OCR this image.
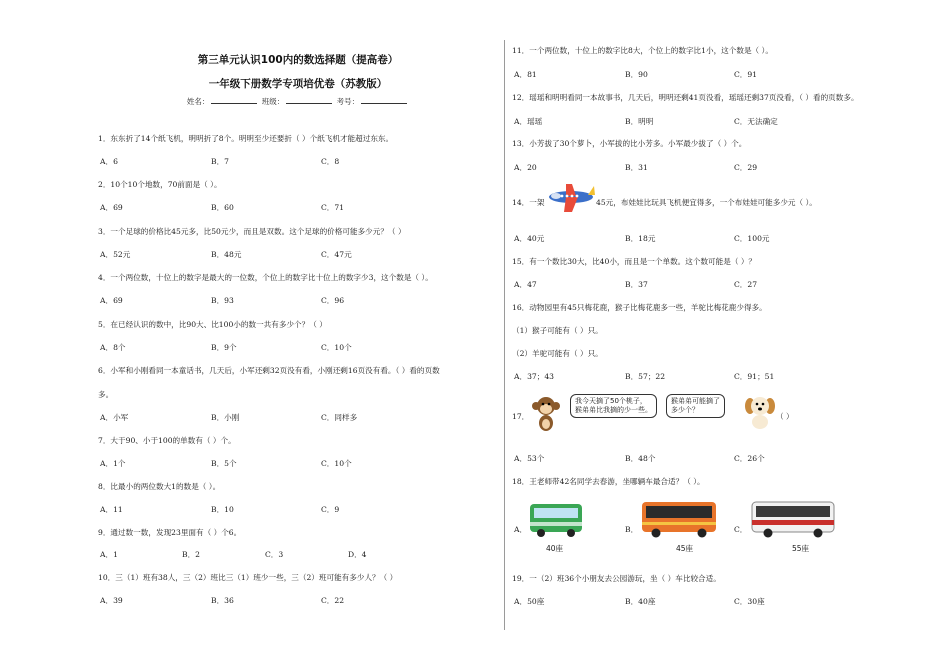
第三单元认识100内的数选择题（提高卷）
一年级下册数学专项培优卷（苏教版）
姓名：	班级：	考号：
1．东东折了14个纸飞机，明明折了8个。明明至少还要折（ ）个纸飞机才能超过东东。
A．6	B．7	C．8
2．10个10个地数，70前面是（ ）。
A．69	B．60	C．71
3．一个足球的价格比45元多，比50元少，而且是双数。这个足球的价格可能多少元？（ ）
A．52元	B．48元	C．47元
4．一个两位数，十位上的数字是最大的一位数，个位上的数字比十位上的数字少3，这个数是（ ）。
A．69	B．93	C．96
5．在已经认识的数中，比90大、比100小的数一共有多少个？（ ）
A．8个	B．9个	C．10个
6．小军和小刚看同一本童话书，几天后，小军还剩32页没有看，小刚还剩16页没有看。（ ）看的页数
多。
A．小军	B．小刚	C．同样多
7．大于90、小于100的单数有（ ）个。
A．1个	B．5个	C．10个
8．比最小的两位数大1的数是（ ）。
A．11	B．10	C．9
9．通过数一数，发现23里面有（ ）个6。
A．1	B．2	C．3	D．4
10．三（1）班有38人，三（2）班比三（1）班少一些，三（2）班可能有多少人？（ ）
A．39	B．36	C．22
11．一个两位数，十位上的数字比8大，个位上的数字比1小，这个数是（ ）。
A．81	B．90	C．91
12．瑶瑶和明明看同一本故事书，几天后，明明还剩41页没看，瑶瑶还剩37页没看，（ ）看的页数多。
A．瑶瑶	B．明明	C．无法确定
13．小芳拔了30个萝卜，小军拔的比小芳多。小军最少拔了（ ）个。
A．20	B．31	C．29
14．一架	45元，布娃娃比玩具飞机便宜得多，一个布娃娃可能多少元（ ）。
A．40元	B．18元	C．100元
15．有一个数比30大，比40小，而且是一个单数。这个数可能是（ ）？
A．47	B．37	C．27
16．动物园里有45只梅花鹿，猴子比梅花鹿多一些，羊驼比梅花鹿少得多。
（1）猴子可能有（ ）只。
（2）羊驼可能有（ ）只。
A．37；43	B．57；22	C．91；51
17．
我今天摘了50个桃子，
猴弟弟比我摘的少一些。
猴弟弟可能摘了
多少个？
（ ）
A．53个	B．48个	C．26个
18．王老师带42名同学去春游，坐哪辆车最合适？（ ）。
A．
40座
B．
45座
C．
55座
19．一（2）班36个小朋友去公园游玩，坐（ ）车比较合适。
A．50座	B．40座	C．30座
